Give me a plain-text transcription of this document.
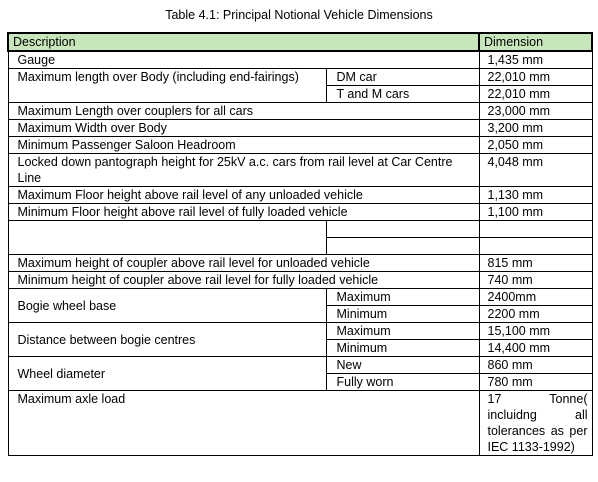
Table 4.1: Principal Notional Vehicle Dimensions
Description		Dimension
Gauge		1,435 mm
Maximum length over Body (including end-fairings)	DM car	22,010 mm
	T and M cars	22,010 mm
Maximum Length over couplers for all cars		23,000 mm
Maximum Width over Body		3,200 mm
Minimum Passenger Saloon Headroom		2,050 mm
Locked down pantograph height for 25kV a.c. cars from rail level at Car Centre Line		4,048 mm
Maximum Floor height above rail level of any unloaded vehicle		1,130 mm
Minimum Floor height above rail level of fully loaded vehicle		1,100 mm

Maximum height of coupler above rail level for unloaded vehicle		815 mm
Minimum height of coupler above rail level for fully loaded vehicle		740 mm
Bogie wheel base	Maximum	2400mm
	Minimum	2200 mm
Distance between bogie centres	Maximum	15,100 mm
	Minimum	14,400 mm
Wheel diameter	New	860 mm
	Fully worn	780 mm
Maximum axle load		17 Tonne( incluidng all tolerances as per IEC 1133-1992)
